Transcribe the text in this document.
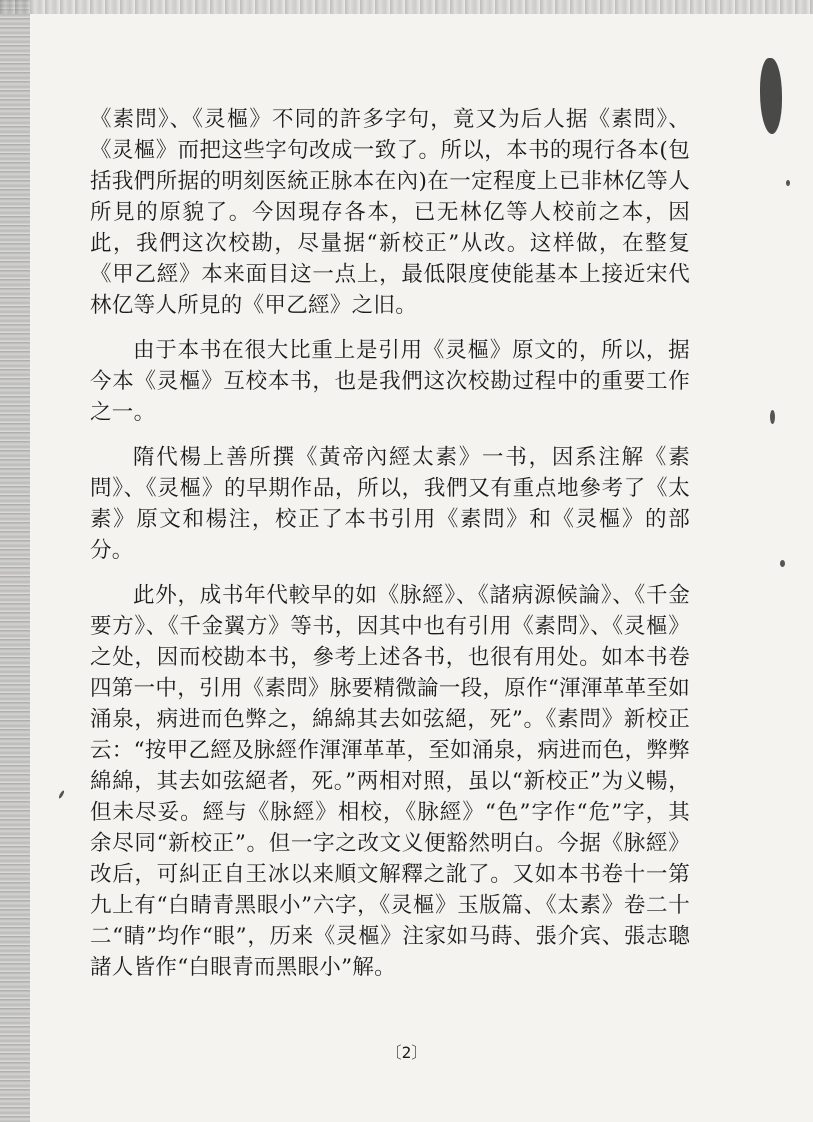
《素問》、《灵樞》不同的許多字句，竟又为后人据《素問》、《灵樞》而把这些字句改成一致了。所以，本书的現行各本(包括我們所据的明刻医統正脉本在內)在一定程度上已非林亿等人所見的原貌了。今因現存各本，已无林亿等人校前之本，因此，我們这次校勘，尽量据“新校正”从改。这样做，在整复《甲乙經》本来面目这一点上，最低限度使能基本上接近宋代林亿等人所見的《甲乙經》之旧。

由于本书在很大比重上是引用《灵樞》原文的，所以，据今本《灵樞》互校本书，也是我們这次校勘过程中的重要工作之一。

隋代楊上善所撰《黃帝內經太素》一书，因系注解《素問》、《灵樞》的早期作品，所以，我們又有重点地參考了《太素》原文和楊注，校正了本书引用《素問》和《灵樞》的部分。

此外，成书年代較早的如《脉經》、《諸病源候論》、《千金要方》、《千金翼方》等书，因其中也有引用《素問》、《灵樞》之处，因而校勘本书，參考上述各书，也很有用处。如本书卷四第一中，引用《素問》脉要精微論一段，原作“渾渾革革至如涌泉，病进而色弊之，綿綿其去如弦絕，死”。《素問》新校正云：“按甲乙經及脉經作渾渾革革，至如涌泉，病进而色，弊弊綿綿，其去如弦絕者，死。”两相对照，虽以“新校正”为义暢，但未尽妥。經与《脉經》相校，《脉經》“色”字作“危”字，其余尽同“新校正”。但一字之改文义便豁然明白。今据《脉經》改后，可糾正自王冰以来順文解釋之訛了。又如本书卷十一第九上有“白睛青黑眼小”六字，《灵樞》玉版篇、《太素》卷二十二“睛”均作“眼”，历来《灵樞》注家如马蒔、張介宾、張志聰諸人皆作“白眼青而黑眼小”解。

〔2〕
